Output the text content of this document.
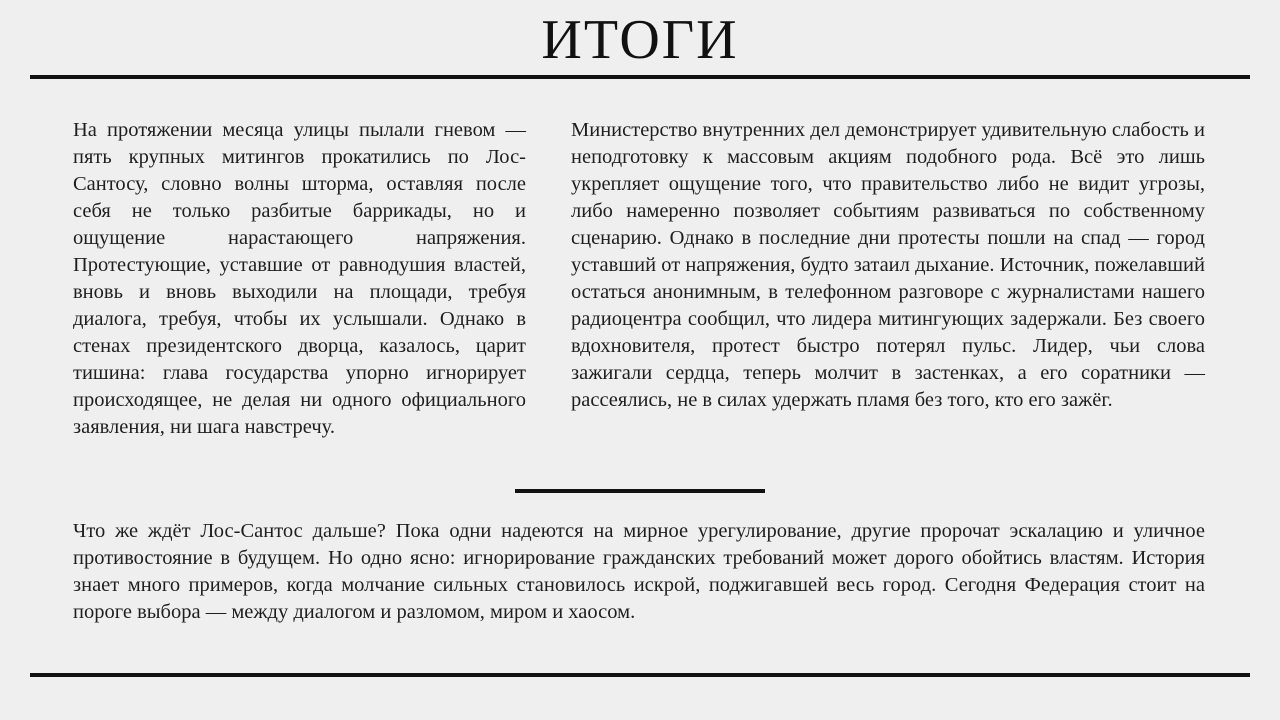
ИТОГИ

На протяжении месяца улицы пылали гневом — пять крупных митингов прокатились по Лос-Сантосу, словно волны шторма, оставляя после себя не только разбитые баррикады, но и ощущение нарастающего напряжения. Протестующие, уставшие от равнодушия властей, вновь и вновь выходили на площади, требуя диалога, требуя, чтобы их услышали. Однако в стенах президентского дворца, казалось, царит тишина: глава государства упорно игнорирует происходящее, не делая ни одного официального заявления, ни шага навстречу.

Министерство внутренних дел демонстрирует удивительную слабость и неподготовку к массовым акциям подобного рода. Всё это лишь укрепляет ощущение того, что правительство либо не видит угрозы, либо намеренно позволяет событиям развиваться по собственному сценарию. Однако в последние дни протесты пошли на спад — город уставший от напряжения, будто затаил дыхание. Источник, пожелавший остаться анонимным, в телефонном разговоре с журналистами нашего радиоцентра сообщил, что лидера митингующих задержали. Без своего вдохновителя, протест быстро потерял пульс. Лидер, чьи слова зажигали сердца, теперь молчит в застенках, а его соратники — рассеялись, не в силах удержать пламя без того, кто его зажёг.

Что же ждёт Лос-Сантос дальше? Пока одни надеются на мирное урегулирование, другие пророчат эскалацию и уличное противостояние в будущем. Но одно ясно: игнорирование гражданских требований может дорого обойтись властям. История знает много примеров, когда молчание сильных становилось искрой, поджигавшей весь город. Сегодня Федерация стоит на пороге выбора — между диалогом и разломом, миром и хаосом.
